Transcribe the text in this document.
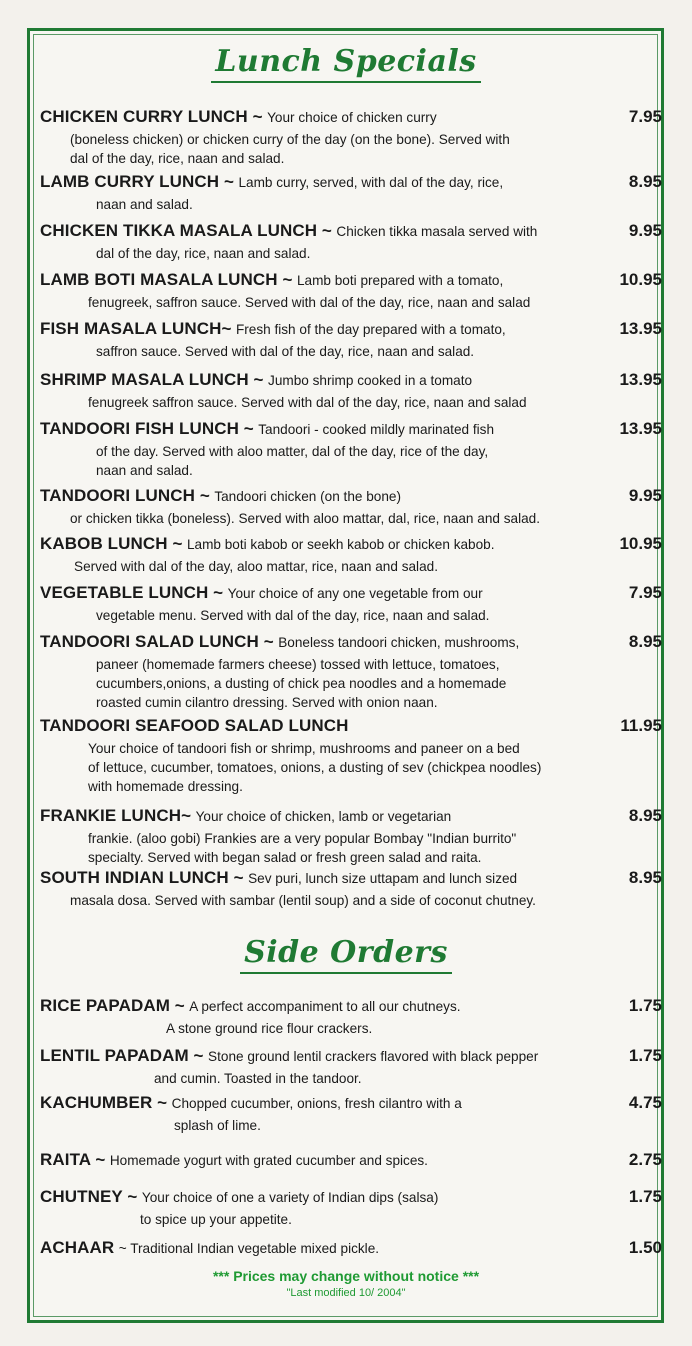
Lunch Specials
CHICKEN CURRY LUNCH ~ Your choice of chicken curry	7.95
(boneless chicken) or chicken curry of the day (on the bone). Served with
dal of the day, rice, naan and salad.
LAMB CURRY LUNCH ~ Lamb curry, served, with dal of the day, rice,	8.95
naan and salad.
CHICKEN TIKKA MASALA LUNCH ~ Chicken tikka masala served with	9.95
dal of the day, rice, naan and salad.
LAMB BOTI MASALA LUNCH ~ Lamb boti prepared with a tomato,	10.95
fenugreek, saffron sauce. Served with dal of the day, rice, naan and salad
FISH MASALA LUNCH~ Fresh fish of the day prepared with a tomato,	13.95
saffron sauce. Served with dal of the day, rice, naan and salad.
SHRIMP MASALA LUNCH ~ Jumbo shrimp cooked in a tomato	13.95
fenugreek saffron sauce. Served with dal of the day, rice, naan and salad
TANDOORI FISH LUNCH ~ Tandoori - cooked mildly marinated fish	13.95
of the day. Served with aloo matter, dal of the day, rice of the day,
naan and salad.
TANDOORI LUNCH ~ Tandoori chicken (on the bone)	9.95
or chicken tikka (boneless). Served with aloo mattar, dal, rice, naan and salad.
KABOB LUNCH ~ Lamb boti kabob or seekh kabob or chicken kabob.	10.95
Served with dal of the day, aloo mattar, rice, naan and salad.
VEGETABLE LUNCH ~ Your choice of any one vegetable from our	7.95
vegetable menu. Served with dal of the day, rice, naan and salad.
TANDOORI SALAD LUNCH ~ Boneless tandoori chicken, mushrooms,	8.95
paneer (homemade farmers cheese) tossed with lettuce, tomatoes,
cucumbers,onions, a dusting of chick pea noodles and a homemade
roasted cumin cilantro dressing. Served with onion naan.
TANDOORI SEAFOOD SALAD LUNCH	11.95
Your choice of tandoori fish or shrimp, mushrooms and paneer on a bed
of lettuce, cucumber, tomatoes, onions, a dusting of sev (chickpea noodles)
with homemade dressing.
FRANKIE LUNCH~ Your choice of chicken, lamb or vegetarian	8.95
frankie. (aloo gobi) Frankies are a very popular Bombay "Indian burrito"
specialty. Served with began salad or fresh green salad and raita.
SOUTH INDIAN LUNCH ~ Sev puri, lunch size uttapam and lunch sized	8.95
masala dosa. Served with sambar (lentil soup) and a side of coconut chutney.
Side Orders
RICE PAPADAM ~ A perfect accompaniment to all our chutneys.	1.75
A stone ground rice flour crackers.
LENTIL PAPADAM ~ Stone ground lentil crackers flavored with black pepper	1.75
and cumin. Toasted in the tandoor.
KACHUMBER ~ Chopped cucumber, onions, fresh cilantro with a	4.75
splash of lime.
RAITA ~ Homemade yogurt with grated cucumber and spices.	2.75
CHUTNEY ~ Your choice of one a variety of Indian dips (salsa)	1.75
to spice up your appetite.
ACHAAR ~ Traditional Indian vegetable mixed pickle.	1.50
*** Prices may change without notice ***
"Last modified 10/ 2004"
